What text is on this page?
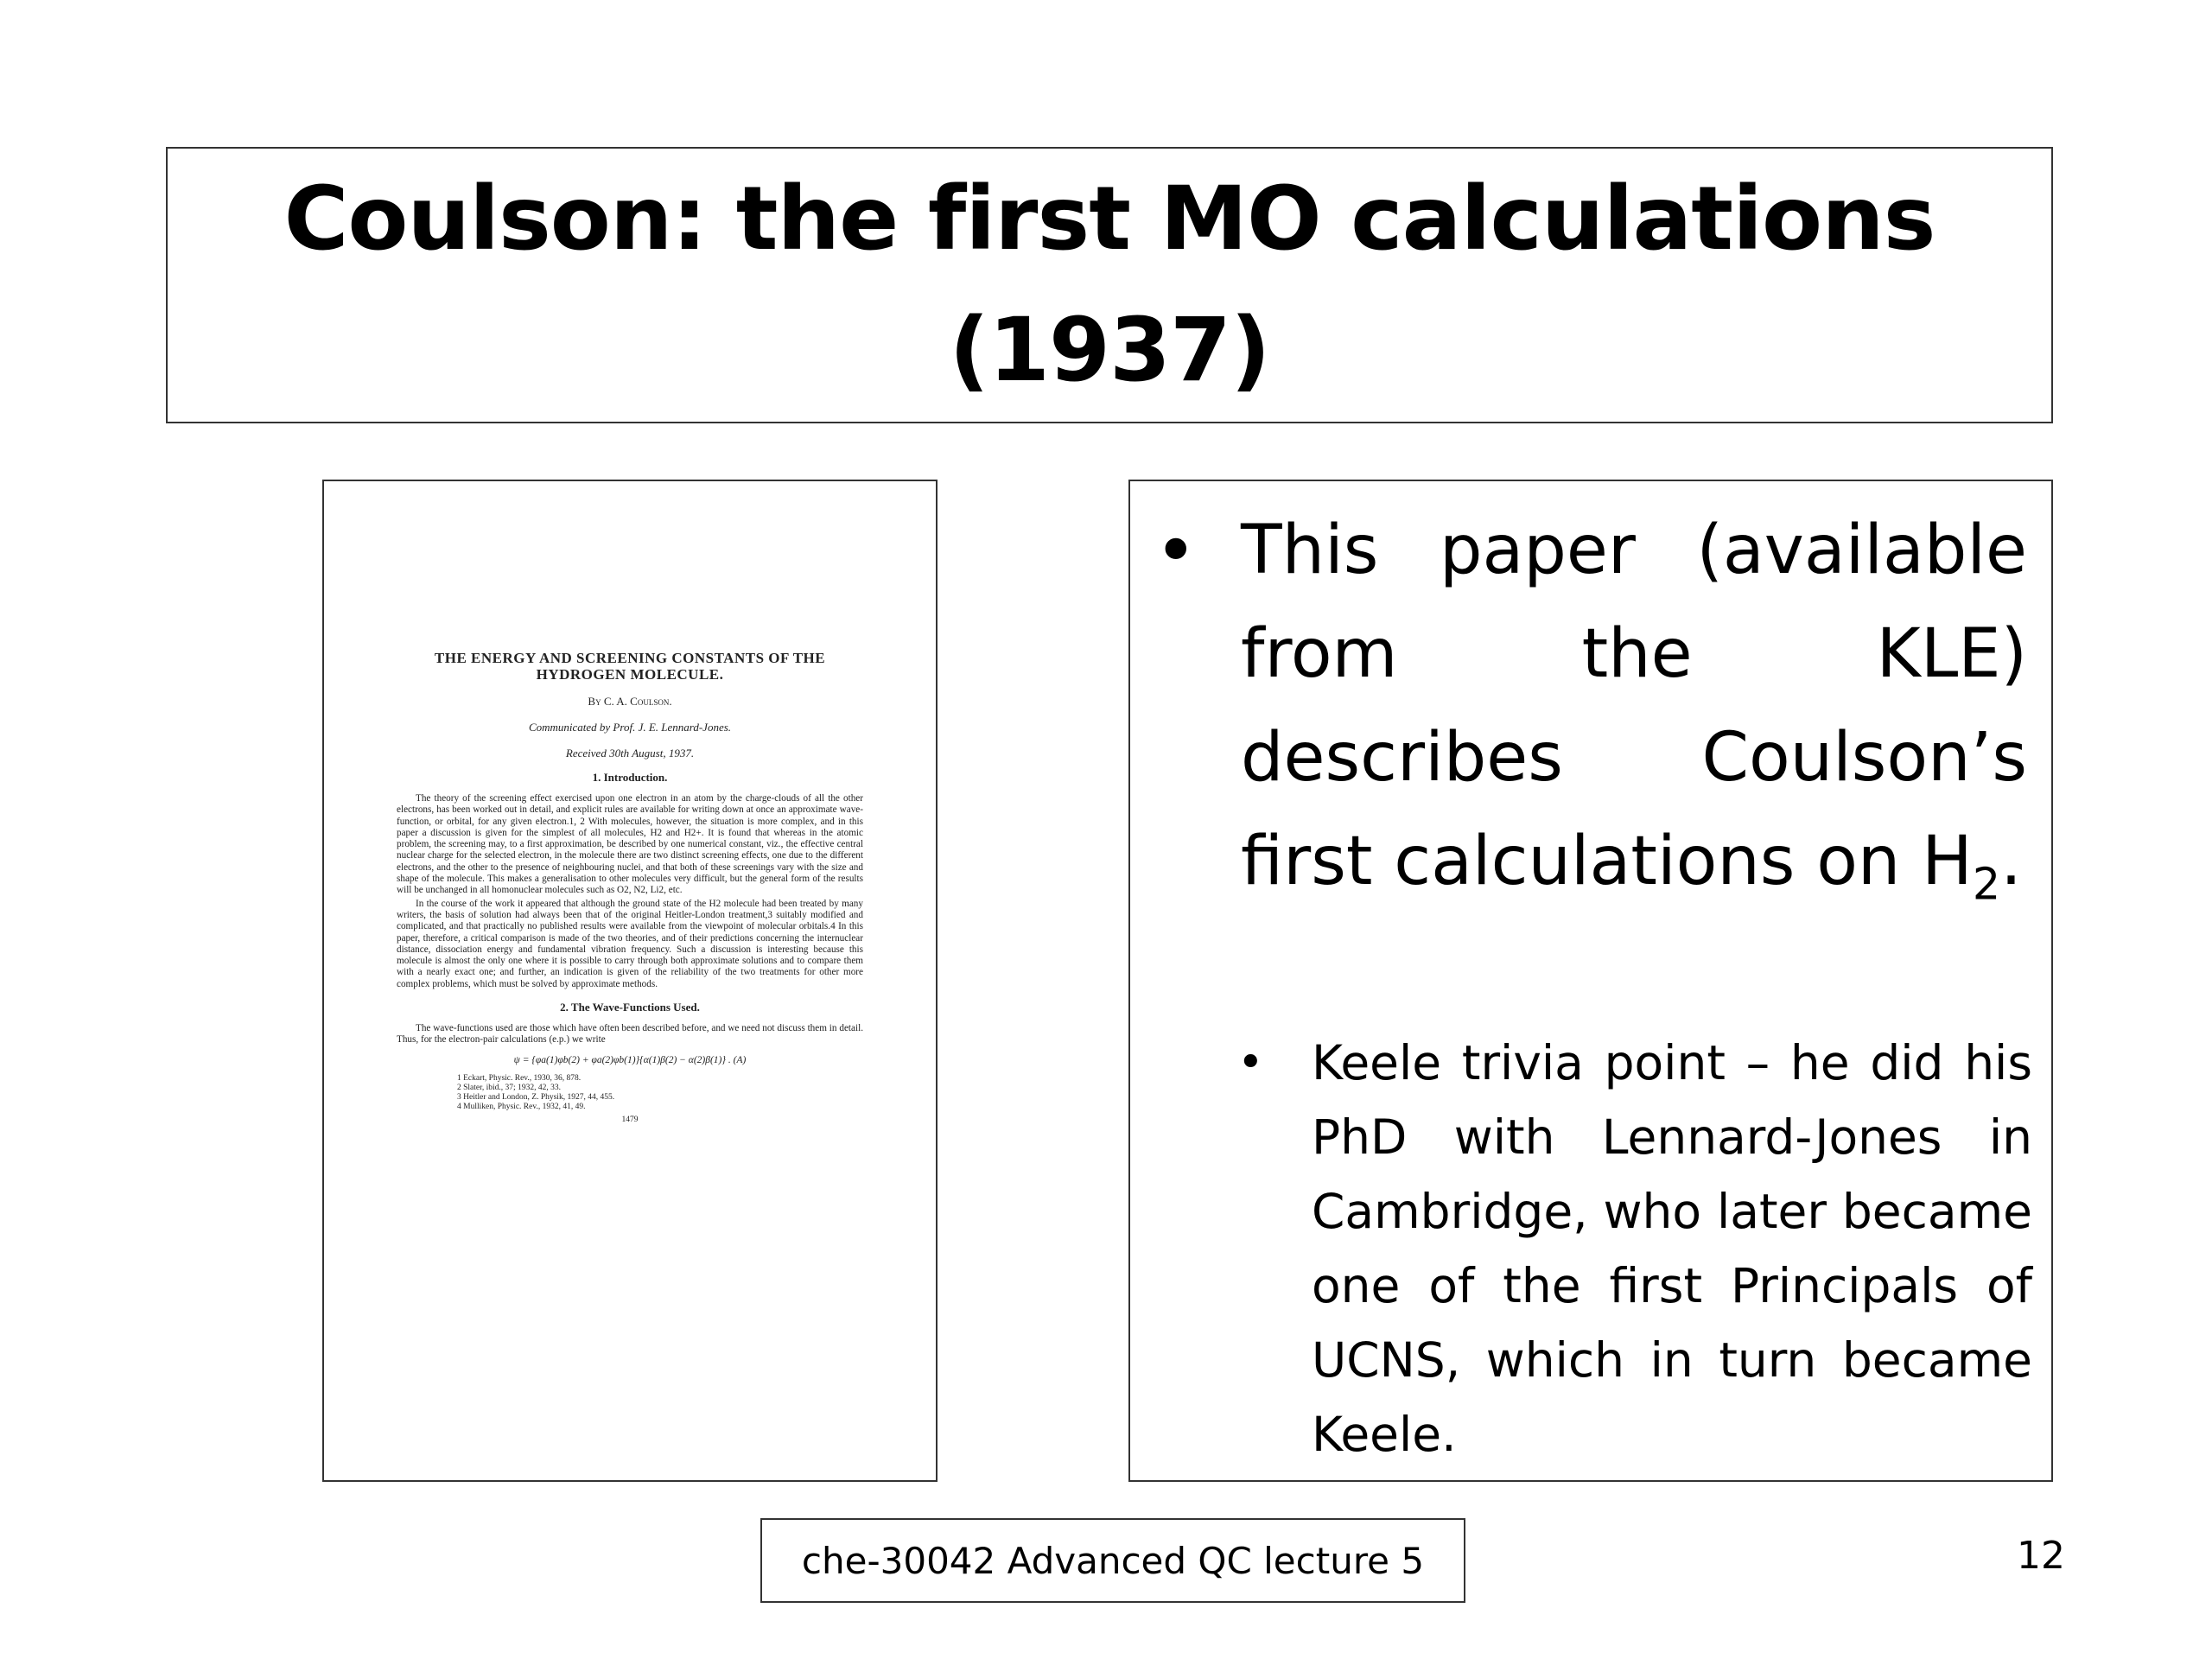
Coulson: the first MO calculations
(1937)
THE ENERGY AND SCREENING CONSTANTS OF THE HYDROGEN MOLECULE.
By C. A. Coulson.
Communicated by Prof. J. E. Lennard-Jones.
Received 30th August, 1937.
1. Introduction.
The theory of the screening effect exercised upon one electron in an atom by the charge-clouds of all the other electrons, has been worked out in detail, and explicit rules are available for writing down at once an approximate wave-function, or orbital, for any given electron.1, 2 With molecules, however, the situation is more complex, and in this paper a discussion is given for the simplest of all molecules, H2 and H2+. It is found that whereas in the atomic problem, the screening may, to a first approximation, be described by one numerical constant, viz., the effective central nuclear charge for the selected electron, in the molecule there are two distinct screening effects, one due to the different electrons, and the other to the presence of neighbouring nuclei, and that both of these screenings vary with the size and shape of the molecule. This makes a generalisation to other molecules very difficult, but the general form of the results will be unchanged in all homonuclear molecules such as O2, N2, Li2, etc.
In the course of the work it appeared that although the ground state of the H2 molecule had been treated by many writers, the basis of solution had always been that of the original Heitler-London treatment,3 suitably modified and complicated, and that practically no published results were available from the viewpoint of molecular orbitals.4 In this paper, therefore, a critical comparison is made of the two theories, and of their predictions concerning the internuclear distance, dissociation energy and fundamental vibration frequency. Such a discussion is interesting because this molecule is almost the only one where it is possible to carry through both approximate solutions and to compare them with a nearly exact one; and further, an indication is given of the reliability of the two treatments for other more complex problems, which must be solved by approximate methods.
2. The Wave-Functions Used.
The wave-functions used are those which have often been described before, and we need not discuss them in detail. Thus, for the electron-pair calculations (e.p.) we write
ψ = {φa(1)φb(2) + φa(2)φb(1)}{α(1)β(2) − α(2)β(1)} . (A)
1 Eckart, Physic. Rev., 1930, 36, 878.
2 Slater, ibid., 37; 1932, 42, 33.
3 Heitler and London, Z. Physik, 1927, 44, 455.
4 Mulliken, Physic. Rev., 1932, 41, 49.
1479
• This paper (available from the KLE) describes Coulson’s first calculations on $H_2$.
• Keele trivia point – he did his PhD with Lennard-Jones in Cambridge, who later became one of the first Principals of UCNS, which in turn became Keele.
che-30042 Advanced QC lecture 5	12
